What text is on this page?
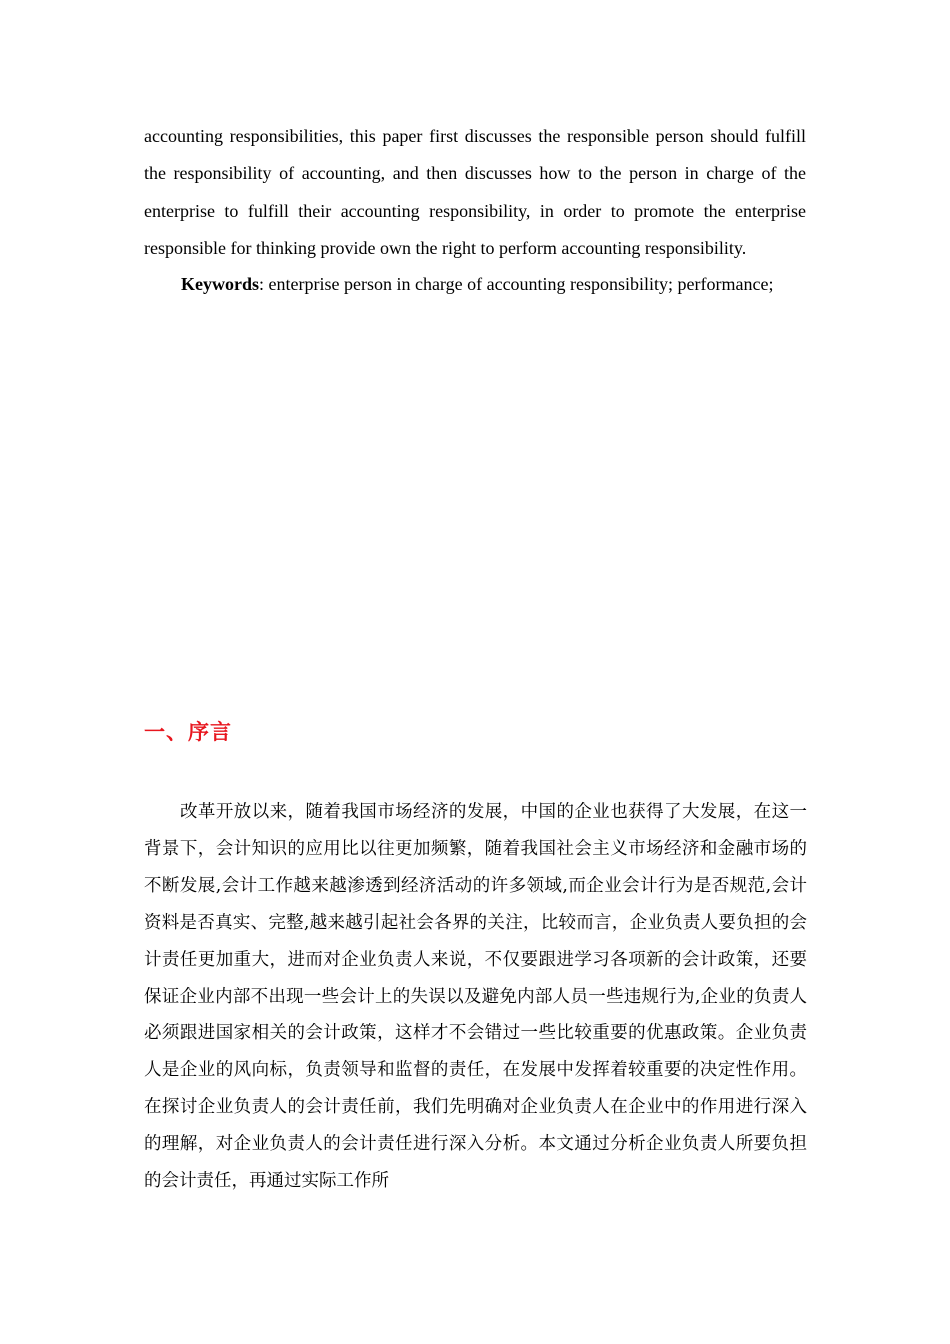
accounting responsibilities, this paper first discusses the responsible person should fulfill the responsibility of accounting, and then discusses how to the person in charge of the enterprise to fulfill their accounting responsibility, in order to promote the enterprise responsible for thinking provide own the right to perform accounting responsibility.

Keywords: enterprise person in charge of accounting responsibility; performance;

一、序言

改革开放以来，随着我国市场经济的发展，中国的企业也获得了大发展，在这一背景下，会计知识的应用比以往更加频繁，随着我国社会主义市场经济和金融市场的不断发展,会计工作越来越渗透到经济活动的许多领域,而企业会计行为是否规范,会计资料是否真实、完整,越来越引起社会各界的关注，比较而言，企业负责人要负担的会计责任更加重大，进而对企业负责人来说，不仅要跟进学习各项新的会计政策，还要保证企业内部不出现一些会计上的失误以及避免内部人员一些违规行为,企业的负责人必须跟进国家相关的会计政策，这样才不会错过一些比较重要的优惠政策。企业负责人是企业的风向标，负责领导和监督的责任，在发展中发挥着较重要的决定性作用。在探讨企业负责人的会计责任前，我们先明确对企业负责人在企业中的作用进行深入的理解，对企业负责人的会计责任进行深入分析。本文通过分析企业负责人所要负担的会计责任，再通过实际工作所
